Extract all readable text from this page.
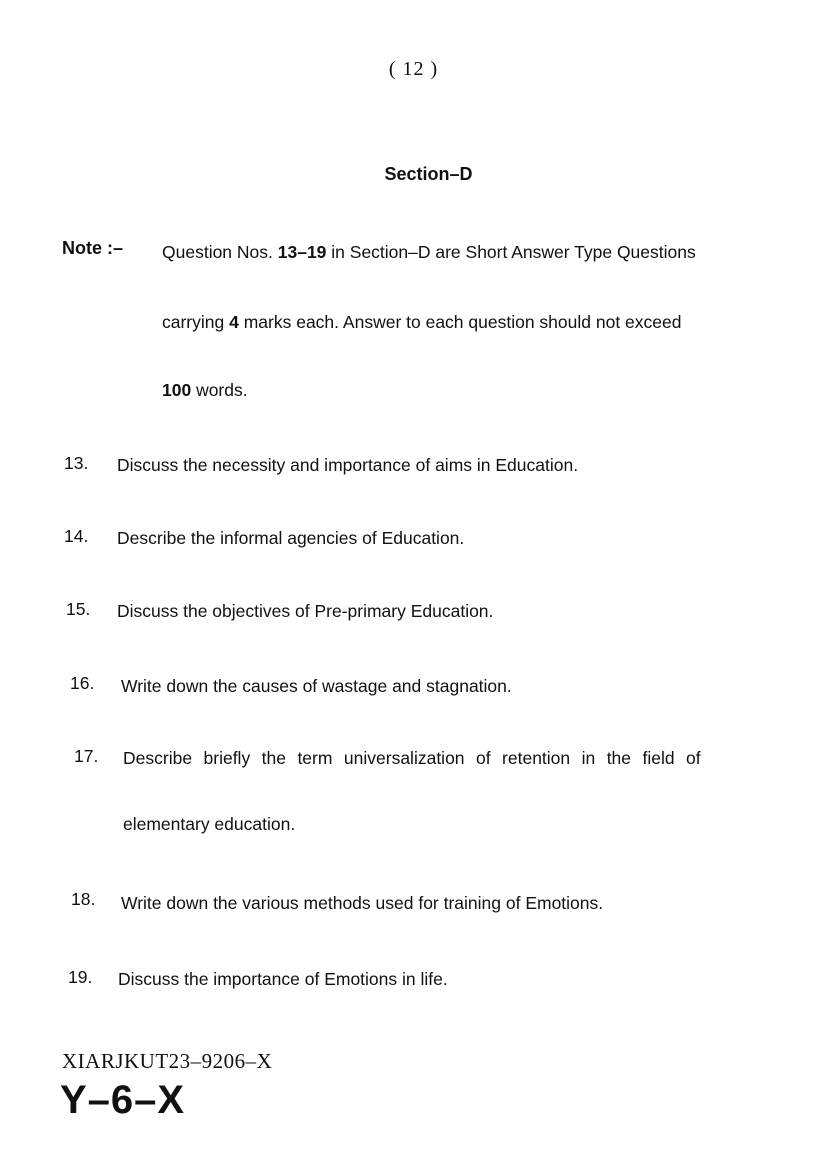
( 12 )
Section–D
Note :– Question Nos. 13–19 in Section–D are Short Answer Type Questions
carrying 4 marks each. Answer to each question should not exceed
100 words.
13. Discuss the necessity and importance of aims in Education.
14. Describe the informal agencies of Education.
15. Discuss the objectives of Pre-primary Education.
16. Write down the causes of wastage and stagnation.
17. Describe briefly the term universalization of retention in the field of
elementary education.
18. Write down the various methods used for training of Emotions.
19. Discuss the importance of Emotions in life.
XIARJKUT23–9206–X
Y–6–X
